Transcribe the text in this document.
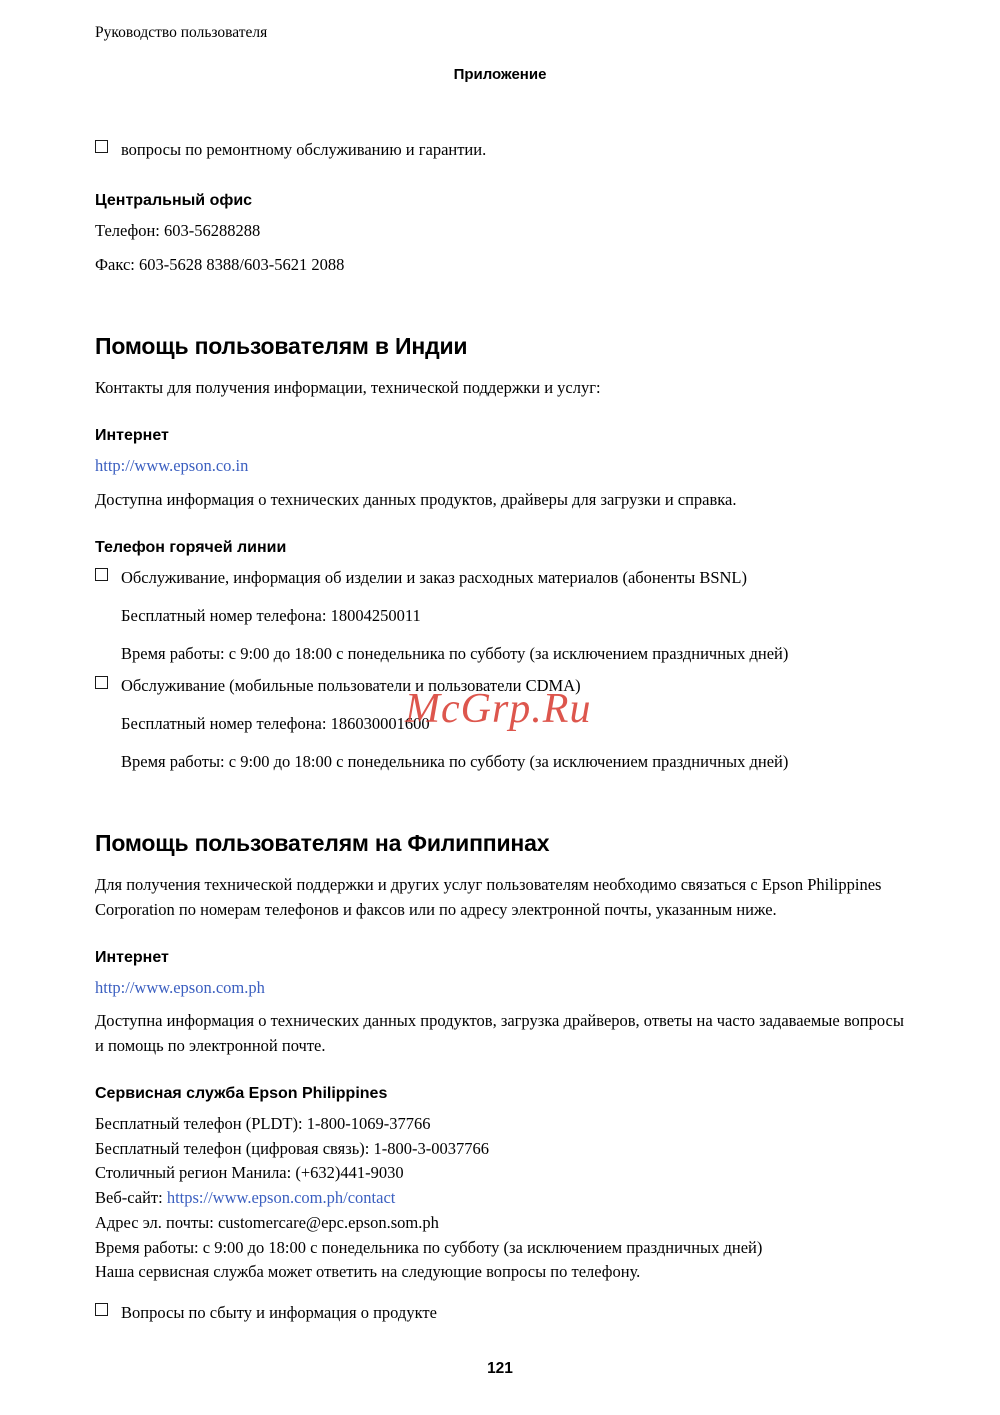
Руководство пользователя
Приложение
вопросы по ремонтному обслуживанию и гарантии.
Центральный офис

Телефон: 603-56288288

Факс: 603-5628 8388/603-5621 2088

Помощь пользователям в Индии

Контакты для получения информации, технической поддержки и услуг:

Интернет

http://www.epson.co.in

Доступна информация о технических данных продуктов, драйверы для загрузки и справка.

Телефон горячей линии
Обслуживание, информация об изделии и заказ расходных материалов (абоненты BSNL)

Бесплатный номер телефона: 18004250011

Время работы: с 9:00 до 18:00 с понедельника по субботу (за исключением праздничных дней)

Обслуживание (мобильные пользователи и пользователи CDMA)

Бесплатный номер телефона: 186030001600

Время работы: с 9:00 до 18:00 с понедельника по субботу (за исключением праздничных дней)

Помощь пользователям на Филиппинах

Для получения технической поддержки и других услуг пользователям необходимо связаться с Epson Philippines Corporation по номерам телефонов и факсов или по адресу электронной почты, указанным ниже.

Интернет

http://www.epson.com.ph

Доступна информация о технических данных продуктов, загрузка драйверов, ответы на часто задаваемые вопросы и помощь по электронной почте.

Сервисная служба Epson Philippines

Бесплатный телефон (PLDT): 1-800-1069-37766

Бесплатный телефон (цифровая связь): 1-800-3-0037766

Столичный регион Манила: (+632)441-9030

Веб-сайт: https://www.epson.com.ph/contact

Адрес эл. почты: customercare@epc.epson.som.ph

Время работы: с 9:00 до 18:00 с понедельника по субботу (за исключением праздничных дней)

Наша сервисная служба может ответить на следующие вопросы по телефону.

Вопросы по сбыту и информация о продукте
McGrp.Ru
121
